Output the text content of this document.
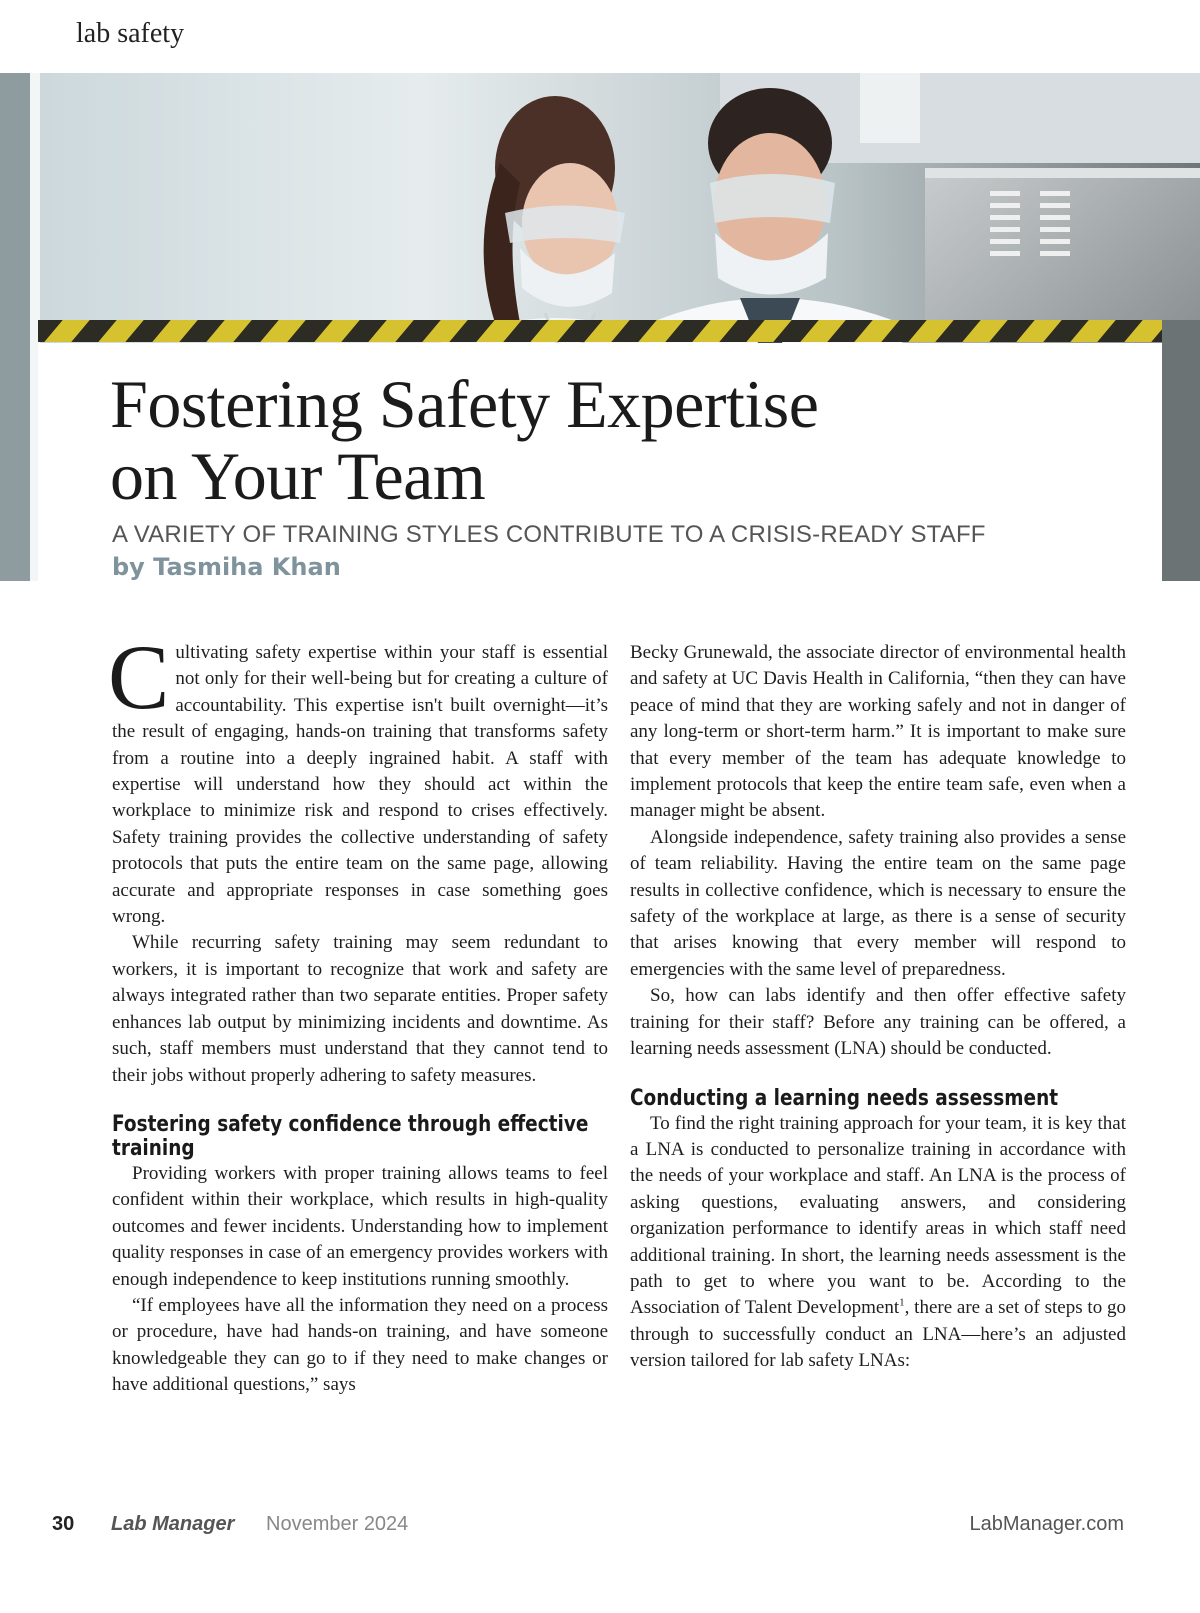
lab safety
Fostering Safety Expertise
on Your Team
A VARIETY OF TRAINING STYLES CONTRIBUTE TO A CRISIS-READY STAFF
by Tasmiha Khan

Cultivating safety expertise within your staff is essential not only for their well-being but for creating a culture of accountability. This expertise isn't built overnight—it’s the result of engaging, hands-on training that transforms safety from a routine into a deeply ingrained habit. A staff with expertise will understand how they should act within the workplace to minimize risk and respond to crises effectively. Safety training provides the collective understanding of safety protocols that puts the entire team on the same page, allowing accurate and appropriate responses in case something goes wrong.

While recurring safety training may seem redundant to workers, it is important to recognize that work and safety are always integrated rather than two separate entities. Proper safety enhances lab output by minimizing incidents and downtime. As such, staff members must understand that they cannot tend to their jobs without properly adhering to safety measures.

Fostering safety confidence through effective training

Providing workers with proper training allows teams to feel confident within their workplace, which results in high-quality outcomes and fewer incidents. Understanding how to implement quality responses in case of an emergency provides workers with enough independence to keep institutions running smoothly.

“If employees have all the information they need on a process or procedure, have had hands-on training, and have someone knowledgeable they can go to if they need to make changes or have additional questions,” says

Becky Grunewald, the associate director of environmental health and safety at UC Davis Health in California, “then they can have peace of mind that they are working safely and not in danger of any long-term or short-term harm.” It is important to make sure that every member of the team has adequate knowledge to implement protocols that keep the entire team safe, even when a manager might be absent.

Alongside independence, safety training also provides a sense of team reliability. Having the entire team on the same page results in collective confidence, which is necessary to ensure the safety of the workplace at large, as there is a sense of security that arises knowing that every member will respond to emergencies with the same level of preparedness.

So, how can labs identify and then offer effective safety training for their staff? Before any training can be offered, a learning needs assessment (LNA) should be conducted.

Conducting a learning needs assessment

To find the right training approach for your team, it is key that a LNA is conducted to personalize training in accordance with the needs of your workplace and staff. An LNA is the process of asking questions, evaluating answers, and considering organization performance to identify areas in which staff need additional training. In short, the learning needs assessment is the path to get to where you want to be. According to the Association of Talent Development$^1$, there are a set of steps to go through to successfully conduct an LNA—here’s an adjusted version tailored for lab safety LNAs:

30 Lab Manager November 2024	LabManager.com
